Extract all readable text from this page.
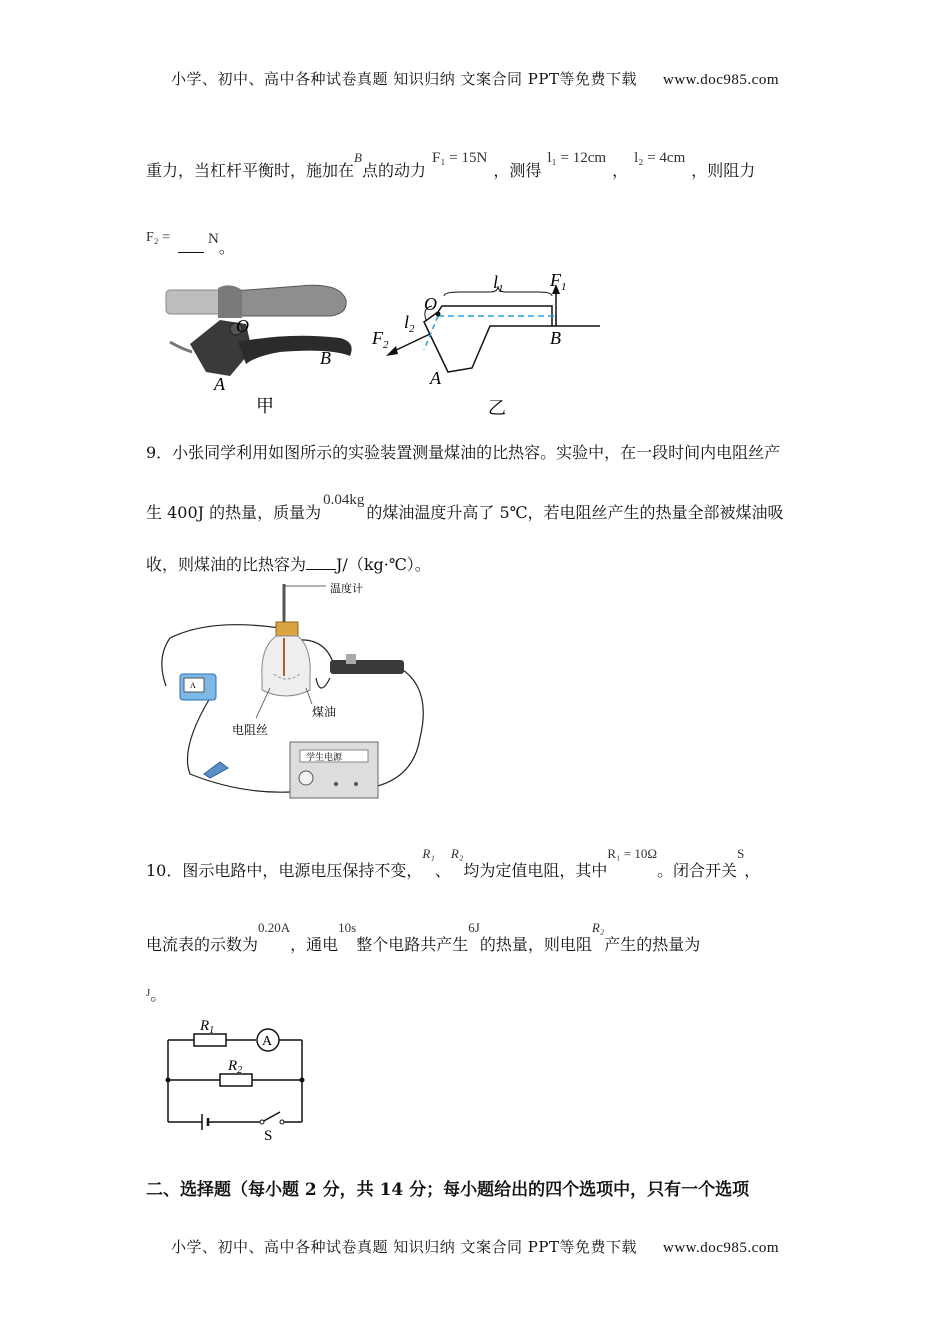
小学、初中、高中各种试卷真题 知识归纳 文案合同 PPT等免费下载 www.doc985.com
重力，当杠杆平衡时，施加在$^B$点的动力F₁ = 15N，测得l₁ = 12cm，l₂ = 4cm，则阻力
F₂ =	N。
O
B
A
甲
O
$l_1$
$l_2$
$F_1$
$F_2$	B
A
乙
9．小张同学利用如图所示的实验装置测量煤油的比热容。实验中，在一段时间内电阻丝产
生 400J 的热量，质量为0.04kg的煤油温度升高了 5℃，若电阻丝产生的热量全部被煤油吸
收，则煤油的比热容为 J/（kg·℃）。
A
学生电源
温度计
煤油
电阻丝
10．图示电路中，电源电压保持不变，$^{R_1}$、$^{R_2}$均为定值电阻，其中$^{R_1 = 10\Omega}$。闭合开关$^S$，
电流表的示数为$^{0.20A}$，通电$^{10s}$整个电路共产生$^{6J}$的热量，则电阻$^{R_2}$产生的热量为
$^J$。
$R_1$
$R_2$
A
S
二、选择题（每小题 2 分，共 14 分；每小题给出的四个选项中，只有一个选项
小学、初中、高中各种试卷真题 知识归纳 文案合同 PPT等免费下载 www.doc985.com
